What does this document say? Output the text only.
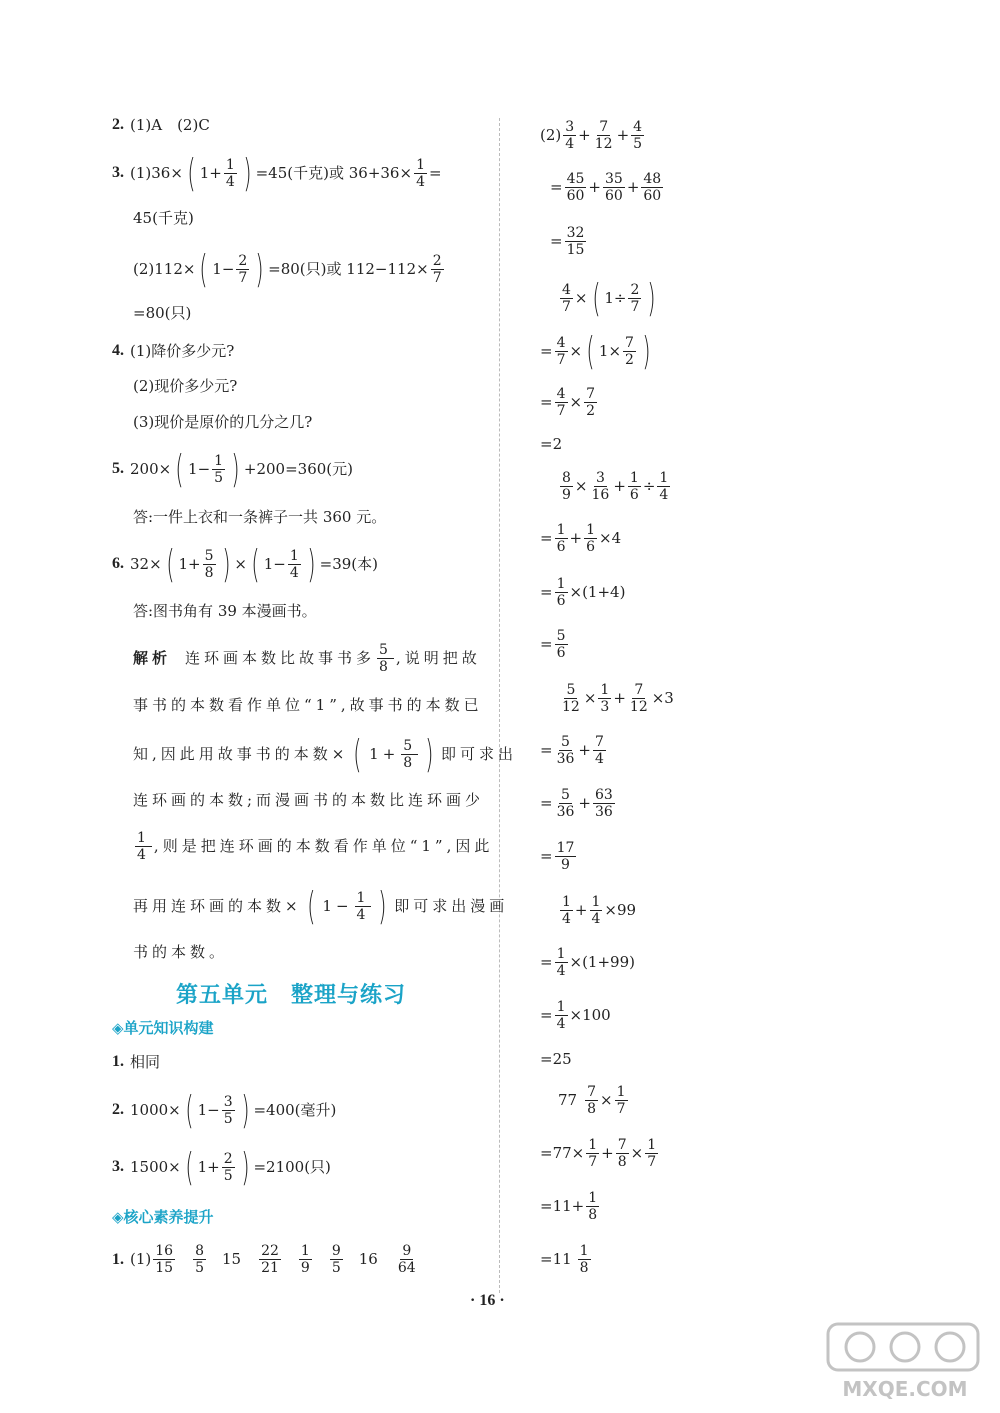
2. (1)A　(2)C
3. (1)36× ( $1+ \frac{1}{4}$ ) =45(千克)或 $36+36\times \frac{1}{4}$ =
45(千克)
(2)112× ( $1- \frac{2}{7}$ ) =80(只)或 $112-112\times \frac{2}{7}$
=80(只)
4. (1)降价多少元?
(2)现价多少元?
(3)现价是原价的几分之几?
5. 200× ( $1- \frac{1}{5}$ ) +200=360(元)
答:一件上衣和一条裤子一共 360 元。
6. 32× ( $1+ \frac{5}{8}$ ) × ( $1- \frac{1}{4}$ ) =39(本)
答:图书角有 39 本漫画书。
解析 连环画本数比故事书多 $\frac{5}{8}$ ,说明把故
事书的本数看作单位“1”,故事书的本数已
知,因此用故事书的本数× ( $1+ \frac{5}{8}$ ) 即可求出
连环画的本数;而漫画书的本数比连环画少
$\frac{1}{4}$ ,则是把连环画的本数看作单位“1”,因此
再用连环画的本数× ( $1- \frac{1}{4}$ ) 即可求出漫画
书的本数。
第五单元　整理与练习
◈单元知识构建
1. 相同
2. 1000× ( $1- \frac{3}{5}$ ) =400(毫升)
3. 1500× ( $1+ \frac{2}{5}$ ) =2100(只)
◈核心素养提升
1. $(1) \frac{16}{15} \frac{8}{5} 15 \frac{22}{21} \frac{1}{9} \frac{9}{5} 16 \frac{9}{64}$
$(2) \frac{3}{4} + \frac{7}{12} + \frac{4}{5}$
= $\frac{45}{60} + \frac{35}{60} + \frac{48}{60}$
= $\frac{32}{15}$
$\frac{4}{7}$ × ( $1\div \frac{2}{7}$ )
= $\frac{4}{7}$ × ( $1\times \frac{7}{2}$ )
= $\frac{4}{7} \times \frac{7}{2}$
=2
$\frac{8}{9} \times \frac{3}{16} + \frac{1}{6} \div \frac{1}{4}$
= $\frac{1}{6} + \frac{1}{6} \times 4$
= $\frac{1}{6} \times(1+4)$
= $\frac{5}{6}$
$\frac{5}{12} \times \frac{1}{3} + \frac{7}{12} \times 3$
= $\frac{5}{36} + \frac{7}{4}$
= $\frac{5}{36} + \frac{63}{36}$
= $\frac{17}{9}$
$\frac{1}{4} + \frac{1}{4} \times 99$
= $\frac{1}{4} \times(1+99)$
= $\frac{1}{4} \times 100$
=25
$77 \frac{7}{8} \times \frac{1}{7}$
$=77\times \frac{1}{7} + \frac{7}{8} \times \frac{1}{7}$
$=11+ \frac{1}{8}$
$=11 \frac{1}{8}$
· 16 ·
MXQE.COM
